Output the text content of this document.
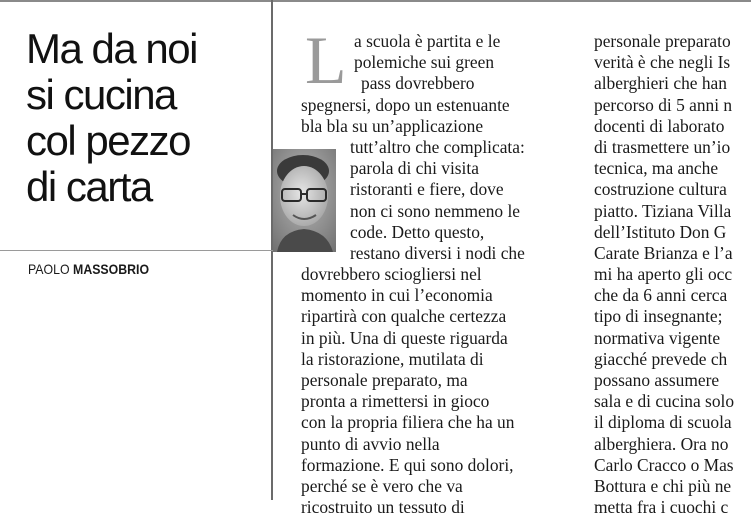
Ma da noi
si cucina
col pezzo
di carta
PAOLO MASSOBRIO
L a scuola è partita e le
polemiche sui green
pass dovrebbero
spegnersi, dopo un estenuante
bla bla su un’applicazione
tutt’altro che complicata:
parola di chi visita
ristoranti e fiere, dove
non ci sono nemmeno le
code. Detto questo,
restano diversi i nodi che
dovrebbero sciogliersi nel
momento in cui l’economia
ripartirà con qualche certezza
in più. Una di queste riguarda
la ristorazione, mutilata di
personale preparato, ma
pronta a rimettersi in gioco
con la propria filiera che ha un
punto di avvio nella
formazione. E qui sono dolori,
perché se è vero che va
ricostruito un tessuto di
personale preparato
verità è che negli Is
alberghieri che han
percorso di 5 anni n
docenti di laborato
di trasmettere un’io
tecnica, ma anche
costruzione cultura
piatto. Tiziana Villa
dell’Istituto Don G
Carate Brianza e l’a
mi ha aperto gli occ
che da 6 anni cerca
tipo di insegnante;
normativa vigente
giacché prevede ch
possano assumere
sala e di cucina solo
il diploma di scuola
alberghiera. Ora no
Carlo Cracco o Mas
Bottura e chi più ne
metta fra i cuochi c
